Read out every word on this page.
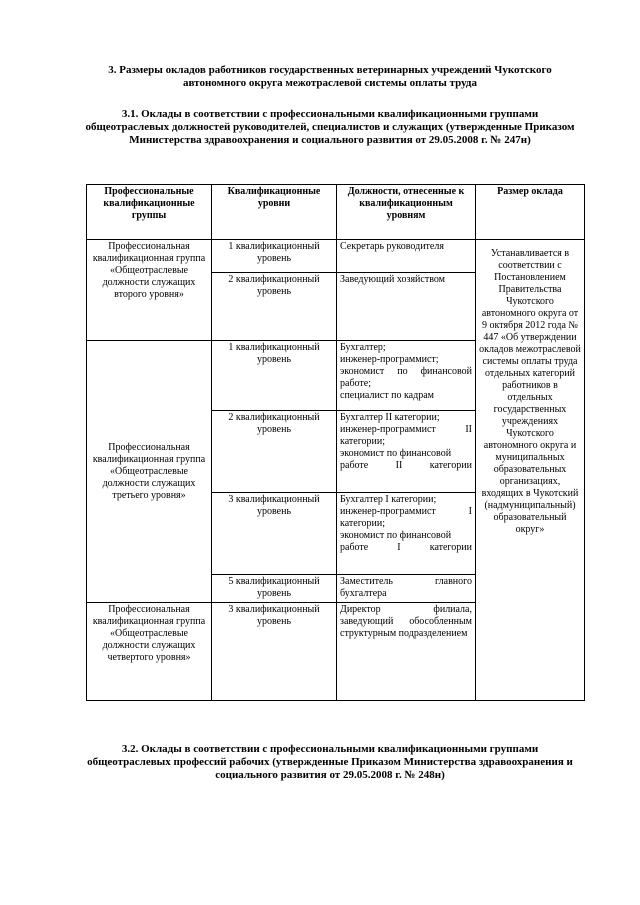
3. Размеры окладов работников государственных ветеринарных учреждений Чукотского автономного округа межотраслевой системы оплаты труда
3.1. Оклады в соответствии с профессиональными квалификационными группами общеотраслевых должностей руководителей, специалистов и служащих (утвержденные Приказом Министерства здравоохранения и социального развития от 29.05.2008 г. № 247н)
Профессиональные квалификационные группы	Квалификационные уровни	Должности, отнесенные к квалификационным уровням	Размер оклада
Профессиональная квалификационная группа «Общеотраслевые должности служащих второго уровня»	1 квалификационный уровень	Секретарь руководителя	Устанавливается в соответствии с Постановлением Правительства Чукотского автономного округа от 9 октября 2012 года № 447 «Об утверждении окладов межотраслевой системы оплаты труда отдельных категорий работников в отдельных государственных учреждениях Чукотского автономного округа и муниципальных образовательных организациях, входящих в Чукотский (надмуниципальный) образовательный округ»
	2 квалификационный уровень	Заведующий хозяйством	
Профессиональная квалификационная группа «Общеотраслевые должности служащих третьего уровня»	1 квалификационный уровень	Бухгалтер;
инженер-программист;
экономист по финансовой работе;
специалист по кадрам	

	2 квалификационный уровень	Бухгалтер II категории;
инженер-программист II категории;
экономист по финансовой работе II категории	

	3 квалификационный уровень	Бухгалтер I категории;
инженер-программист I категории;
экономист по финансовой работе I категории	

	5 квалификационный уровень	Заместитель главного бухгалтера	
Профессиональная квалификационная группа «Общеотраслевые должности служащих четвертого уровня»	3 квалификационный уровень	Директор филиала, заведующий обособленным структурным подразделением	
3.2. Оклады в соответствии с профессиональными квалификационными группами общеотраслевых профессий рабочих (утвержденные Приказом Министерства здравоохранения и социального развития от 29.05.2008 г. № 248н)
